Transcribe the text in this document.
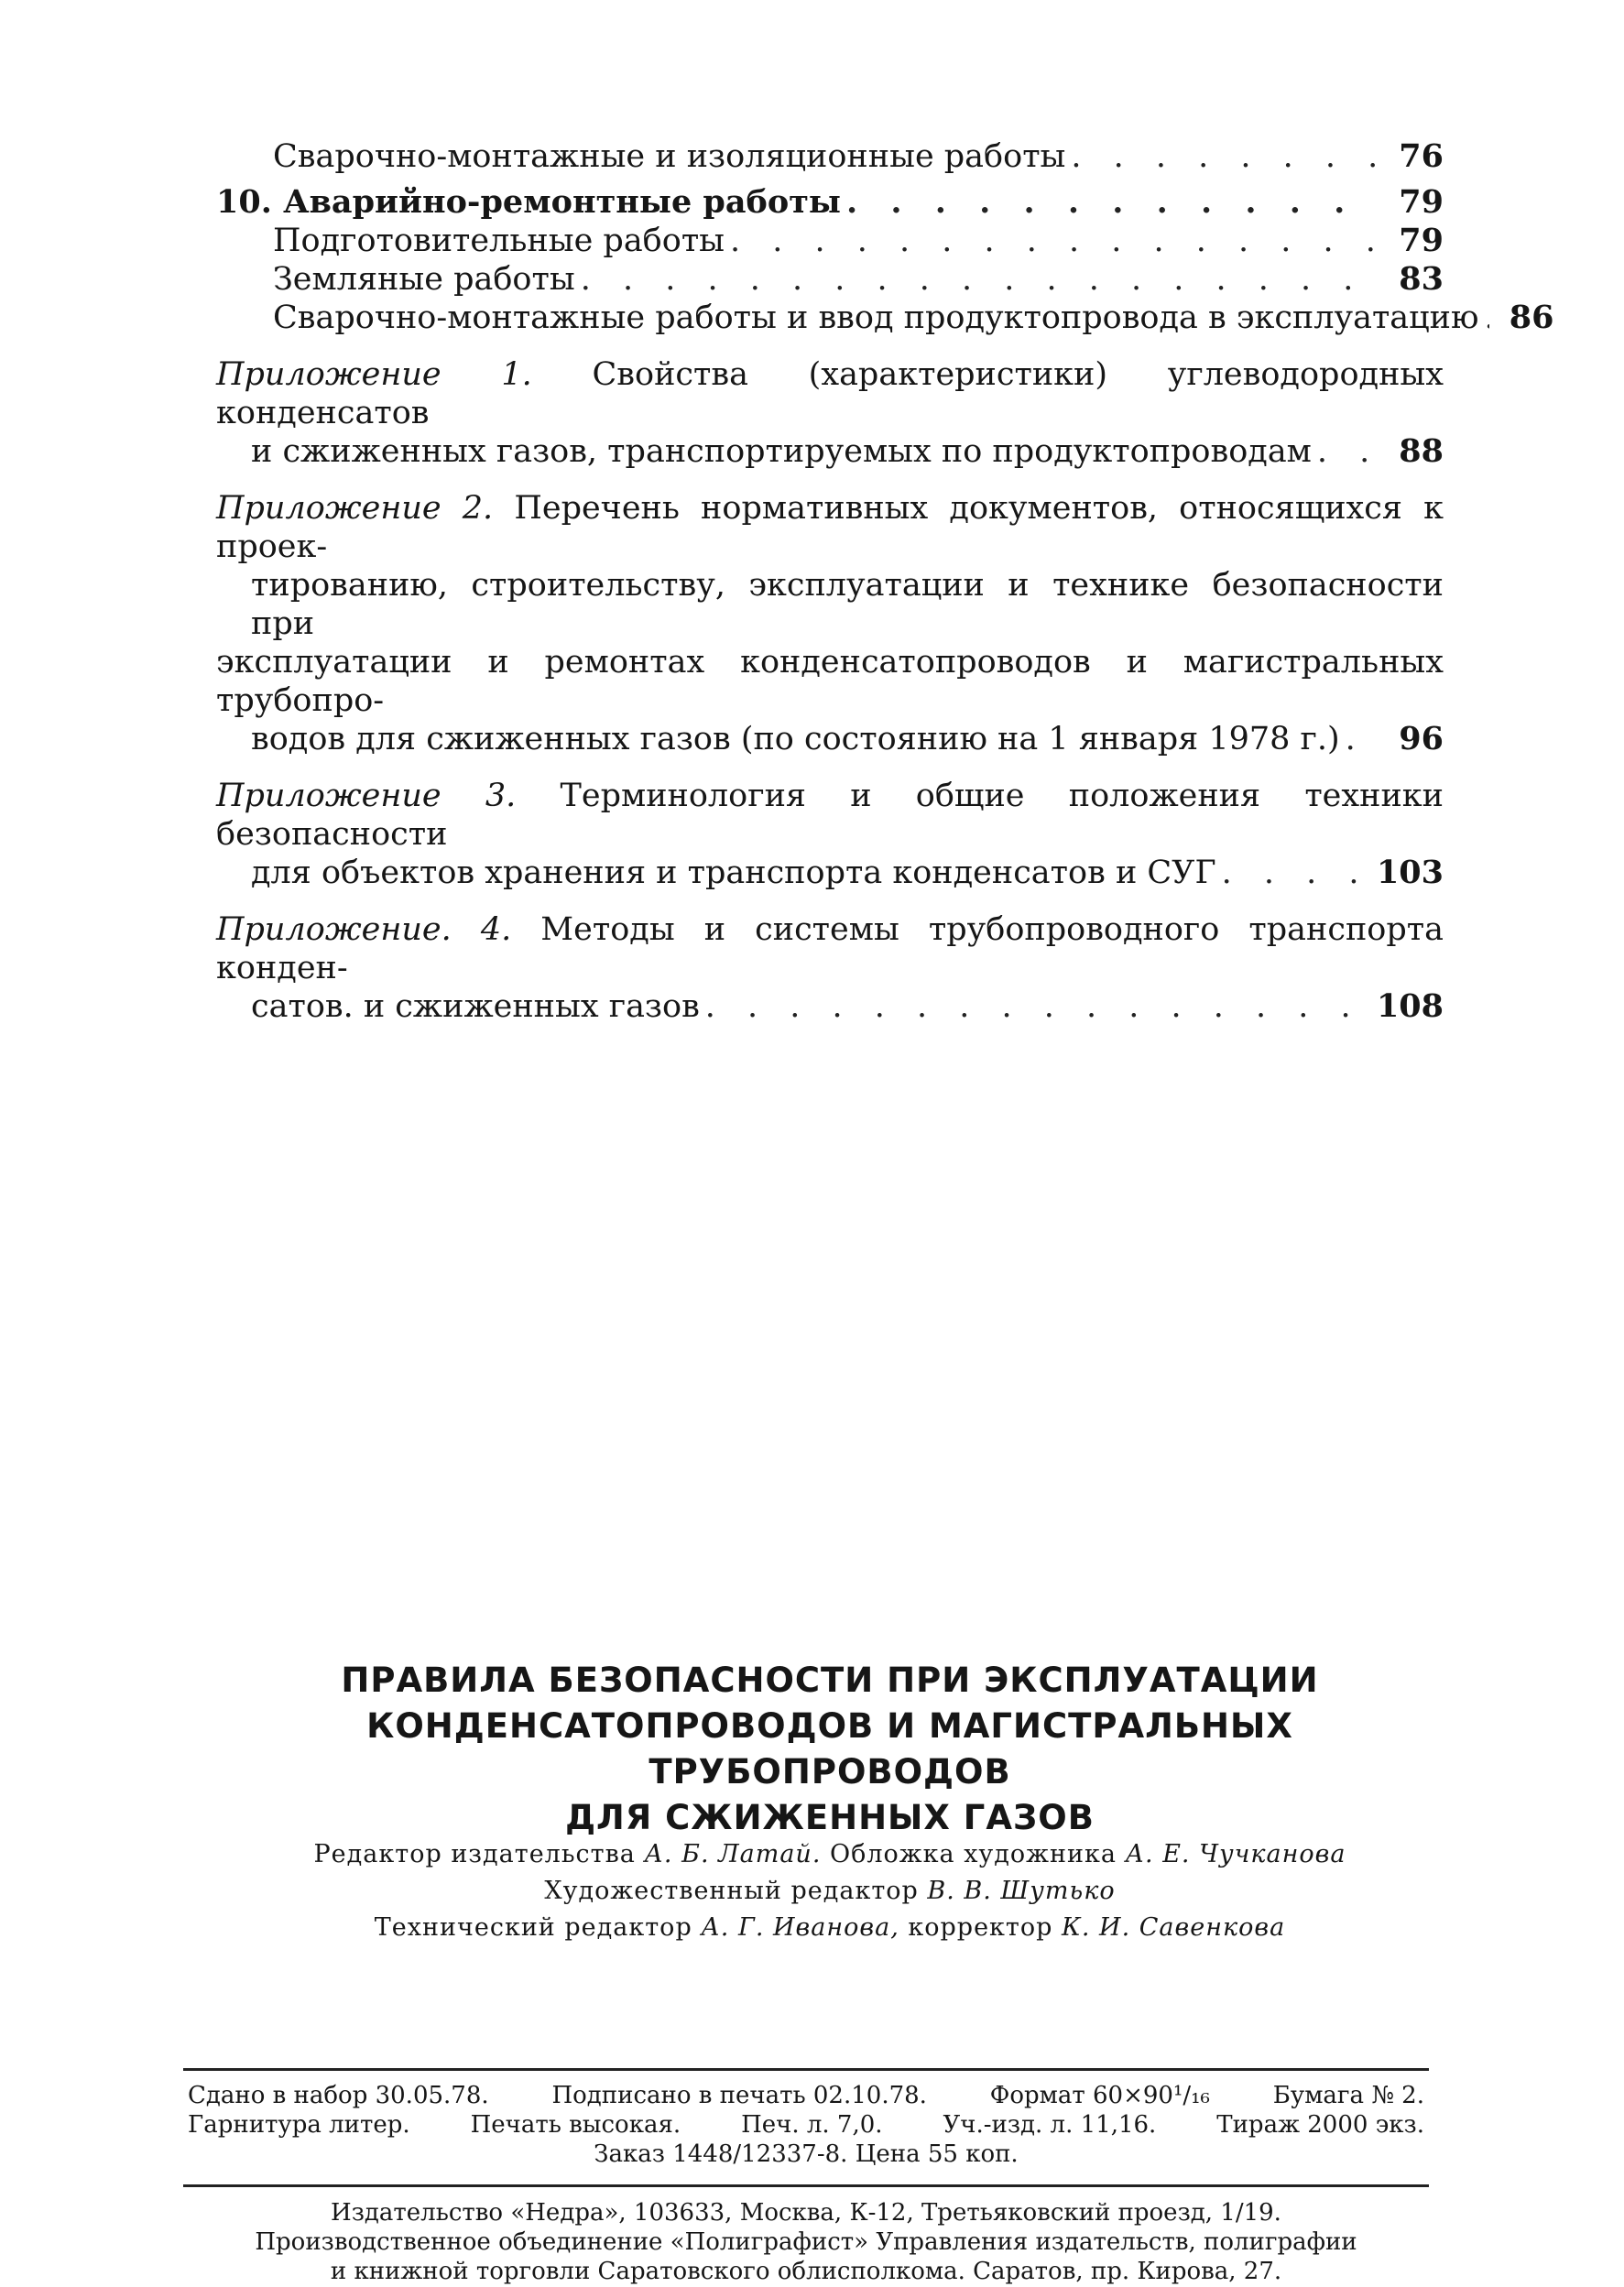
Сварочно-монтажные и изоляционные работы . . .	76
10. Аварийно-ремонтные работы . . .	79
Подготовительные работы . . .	79
Земляные работы . . .	83
Сварочно-монтажные работы и ввод продуктопровода в эксплуатацию . . . 86
Приложение 1. Свойства (характеристики) углеводородных конденсатов
и сжиженных газов, транспортируемых по продуктопроводам . . .	88
Приложение 2. Перечень нормативных документов, относящихся к проек-
тированию, строительству, эксплуатации и технике безопасности при
эксплуатации и ремонтах конденсатопроводов и магистральных трубопро-
водов для сжиженных газов (по состоянию на 1 января 1978 г.) . . .	96
Приложение 3. Терминология и общие положения техники безопасности
для объектов хранения и транспорта конденсатов и СУГ . . .	103
Приложение. 4. Методы и системы трубопроводного транспорта конден-
сатов. и сжиженных газов . . .	108
ПРАВИЛА БЕЗОПАСНОСТИ ПРИ ЭКСПЛУАТАЦИИ
КОНДЕНСАТОПРОВОДОВ И МАГИСТРАЛЬНЫХ ТРУБОПРОВОДОВ
ДЛЯ СЖИЖЕННЫХ ГАЗОВ
Редактор издательства А. Б. Латай. Обложка художника А. Е. Чучканова
Художественный редактор В. В. Шутько
Технический редактор А. Г. Иванова, корректор К. И. Савенкова
Сдано в набор 30.05.78.	Подписано в печать 02.10.78.	Формат 60×90¹/₁₆	Бумага № 2.
Гарнитура литер.	Печать высокая.	Печ. л. 7,0.	Уч.-изд. л. 11,16.	Тираж 2000 экз.
Заказ 1448/12337-8. Цена 55 коп.
Издательство «Недра», 103633, Москва, К-12, Третьяковский проезд, 1/19.
Производственное объединение «Полиграфист» Управления издательств, полиграфии
и книжной торговли Саратовского облисполкома. Саратов, пр. Кирова, 27.
